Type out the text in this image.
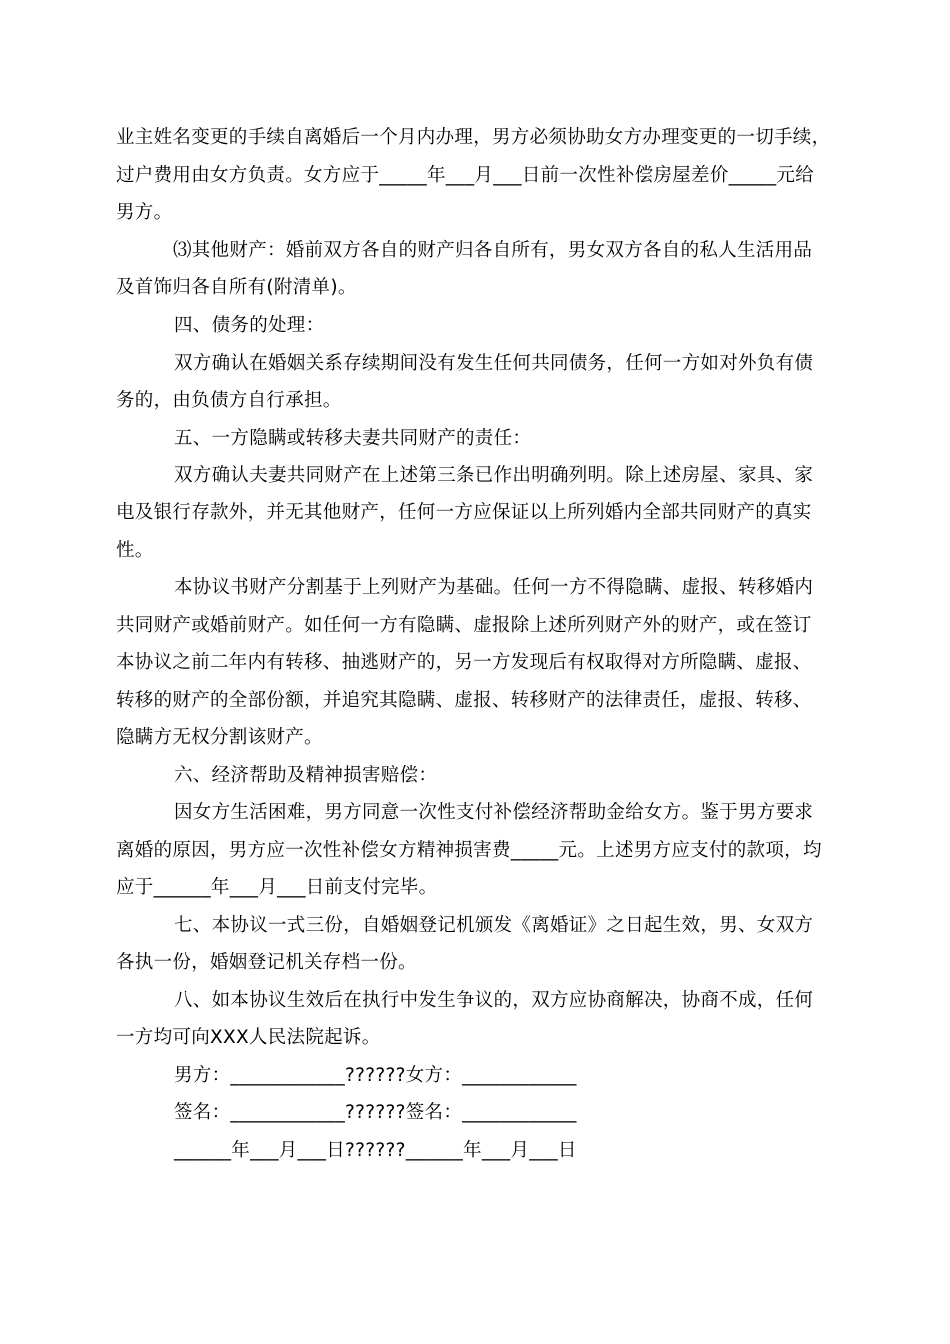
业主姓名变更的手续自离婚后一个月内办理，男方必须协助女方办理变更的一切手续，
过户费用由女方负责。女方应于_____年___月___日前一次性补偿房屋差价_____元给
男方。
⑶其他财产：婚前双方各自的财产归各自所有，男女双方各自的私人生活用品
及首饰归各自所有(附清单)。
四、债务的处理：
双方确认在婚姻关系存续期间没有发生任何共同债务，任何一方如对外负有债
务的，由负债方自行承担。
五、一方隐瞒或转移夫妻共同财产的责任：
双方确认夫妻共同财产在上述第三条已作出明确列明。除上述房屋、家具、家
电及银行存款外，并无其他财产，任何一方应保证以上所列婚内全部共同财产的真实
性。
本协议书财产分割基于上列财产为基础。任何一方不得隐瞒、虚报、转移婚内
共同财产或婚前财产。如任何一方有隐瞒、虚报除上述所列财产外的财产，或在签订
本协议之前二年内有转移、抽逃财产的，另一方发现后有权取得对方所隐瞒、虚报、
转移的财产的全部份额，并追究其隐瞒、虚报、转移财产的法律责任，虚报、转移、
隐瞒方无权分割该财产。
六、经济帮助及精神损害赔偿：
因女方生活困难，男方同意一次性支付补偿经济帮助金给女方。鉴于男方要求
离婚的原因，男方应一次性补偿女方精神损害费_____元。上述男方应支付的款项，均
应于______年___月___日前支付完毕。
七、本协议一式三份，自婚姻登记机颁发《离婚证》之日起生效，男、女双方
各执一份，婚姻登记机关存档一份。
八、如本协议生效后在执行中发生争议的，双方应协商解决，协商不成，任何
一方均可向XXX人民法院起诉。
男方：____________??????女方：____________
签名：____________??????签名：____________
______年___月___日??????______年___月___日
